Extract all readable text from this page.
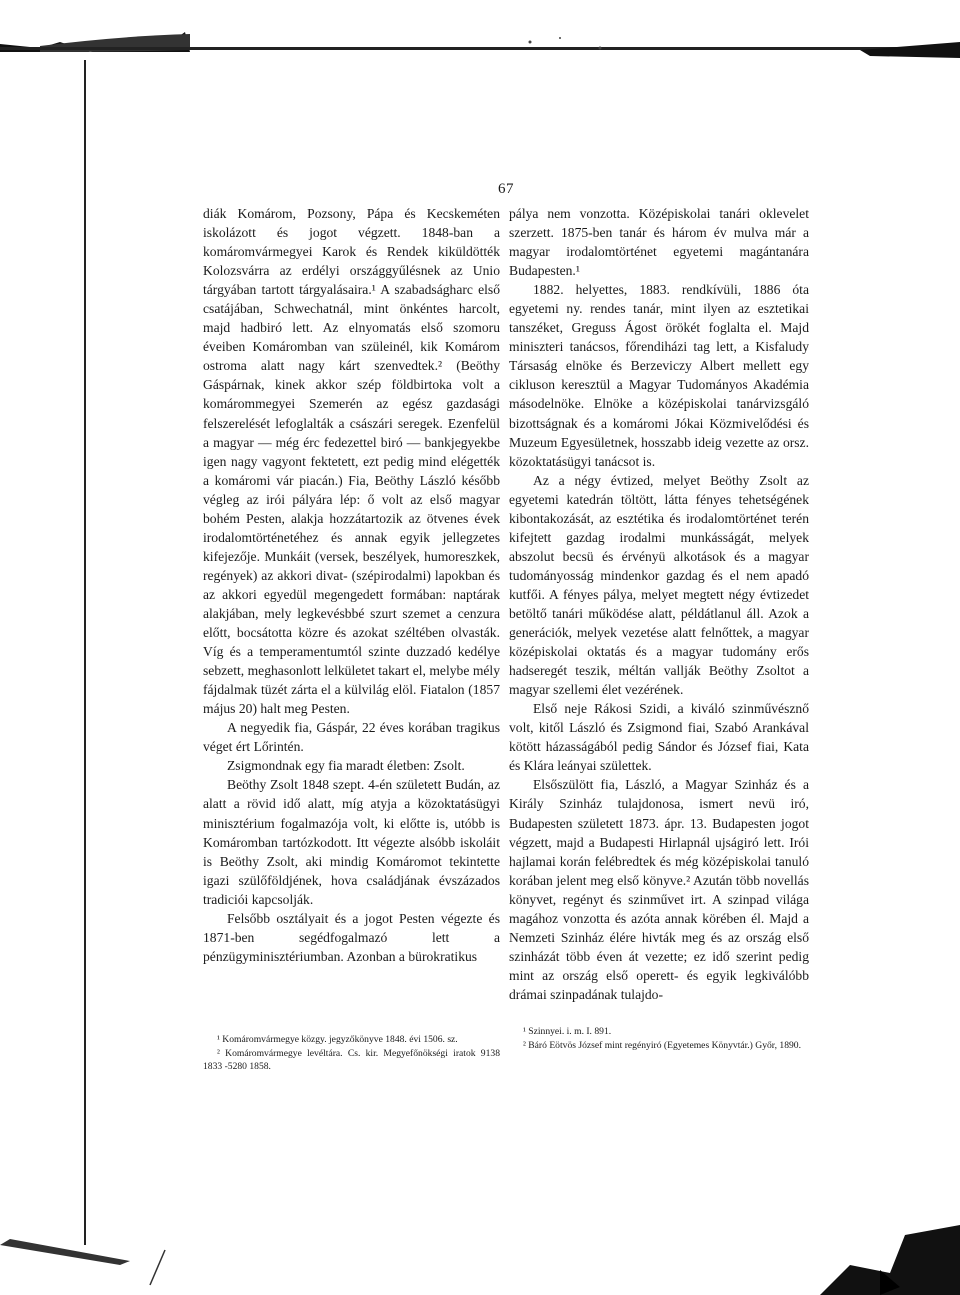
67

diák Komárom, Pozsony, Pápa és Kecskeméten iskolázott és jogot végzett. 1848-ban a komáromvármegyei Karok és Rendek kiküldötték Kolozsvárra az erdélyi országgyűlésnek az Unio tárgyában tartott tárgyalásaira.¹ A szabadságharc első csatájában, Schwechatnál, mint önkéntes harcolt, majd hadbiró lett. Az elnyomatás első szomoru éveiben Komáromban van szüleinél, kik Komárom ostroma alatt nagy kárt szenvedtek.² (Beöthy Gáspárnak, kinek akkor szép földbirtoka volt a komárommegyei Szemerén az egész gazdasági felszerelését lefoglalták a császári seregek. Ezenfelül a magyar — még érc fedezettel biró — bankjegyekbe igen nagy vagyont fektetett, ezt pedig mind elégették a komáromi vár piacán.) Fia, Beöthy László később végleg az irói pályára lép: ő volt az első magyar bohém Pesten, alakja hozzátartozik az ötvenes évek irodalomtörténetéhez és annak egyik jellegzetes kifejezője. Munkáit (versek, beszélyek, humoreszkek, regények) az akkori divat- (szépirodalmi) lapokban és az akkori egyedül megengedett formában: naptárak alakjában, mely legkevésbbé szurt szemet a cenzura előtt, bocsátotta közre és azokat széltében olvasták. Víg és a temperamentumtól szinte duzzadó kedélye sebzett, meghasonlott lelkületet takart el, melybe mély fájdalmak tüzét zárta el a külvilág elöl. Fiatalon (1857 május 20) halt meg Pesten.

A negyedik fia, Gáspár, 22 éves korában tragikus véget ért Lőrintén.

Zsigmondnak egy fia maradt életben: Zsolt.

Beöthy Zsolt 1848 szept. 4-én született Budán, az alatt a rövid idő alatt, míg atyja a közoktatásügyi minisztérium fogalmazója volt, ki előtte is, utóbb is Komáromban tartózkodott. Itt végezte alsóbb iskoláit is Beöthy Zsolt, aki mindig Komáromot tekintette igazi szülőföldjének, hova családjának évszázados tradiciói kapcsolják.

Felsőbb osztályait és a jogot Pesten végezte és 1871-ben segédfogalmazó lett a pénzügyminisztériumban. Azonban a bürokratikus

¹ Komáromvármegye közgy. jegyzőkönyve 1848. évi 1506. sz.

² Komáromvármegye levéltára. Cs. kir. Megyefőnökségi iratok 9138 1833 -5280 1858.

pálya nem vonzotta. Középiskolai tanári oklevelet szerzett. 1875-ben tanár és három év mulva már a magyar irodalomtörténet egyetemi magántanára Budapesten.¹

1882. helyettes, 1883. rendkívüli, 1886 óta egyetemi ny. rendes tanár, mint ilyen az esztetikai tanszéket, Greguss Ágost örökét foglalta el. Majd miniszteri tanácsos, főrendiházi tag lett, a Kisfaludy Társaság elnöke és Berzeviczy Albert mellett egy cikluson keresztül a Magyar Tudományos Akadémia másodelnöke. Elnöke a középiskolai tanárvizsgáló bizottságnak és a komáromi Jókai Közmivelődési és Muzeum Egyesületnek, hosszabb ideig vezette az orsz. közoktatásügyi tanácsot is.

Az a négy évtized, melyet Beöthy Zsolt az egyetemi katedrán töltött, látta fényes tehetségének kibontakozását, az esztétika és irodalomtörténet terén kifejtett gazdag irodalmi munkásságát, melyek abszolut becsü és érvényü alkotások és a magyar tudományosság mindenkor gazdag és el nem apadó kutfői. A fényes pálya, melyet megtett négy évtizedet betöltő tanári működése alatt, példátlanul áll. Azok a generációk, melyek vezetése alatt felnőttek, a magyar középiskolai oktatás és a magyar tudomány erős hadseregét teszik, méltán vallják Beöthy Zsoltot a magyar szellemi élet vezérének.

Első neje Rákosi Szidi, a kiváló szinművésznő volt, kitől László és Zsigmond fiai, Szabó Arankával kötött házasságából pedig Sándor és József fiai, Kata és Klára leányai születtek.

Elsőszülött fia, László, a Magyar Szinház és a Király Szinház tulajdonosa, ismert nevü iró, Budapesten született 1873. ápr. 13. Budapesten jogot végzett, majd a Budapesti Hirlapnál ujságiró lett. Irói hajlamai korán felébredtek és még középiskolai tanuló korában jelent meg első könyve.² Azután több novellás könyvet, regényt és szinművet irt. A szinpad világa magához vonzotta és azóta annak körében él. Majd a Nemzeti Szinház élére hivták meg és az ország első szinházát több éven át vezette; ez idő szerint pedig mint az ország első operett- és egyik legkiválóbb drámai szinpadának tulajdo-

¹ Szinnyei. i. m. I. 891.

² Báró Eötvös József mint regényiró (Egyetemes Könyvtár.) Győr, 1890.
